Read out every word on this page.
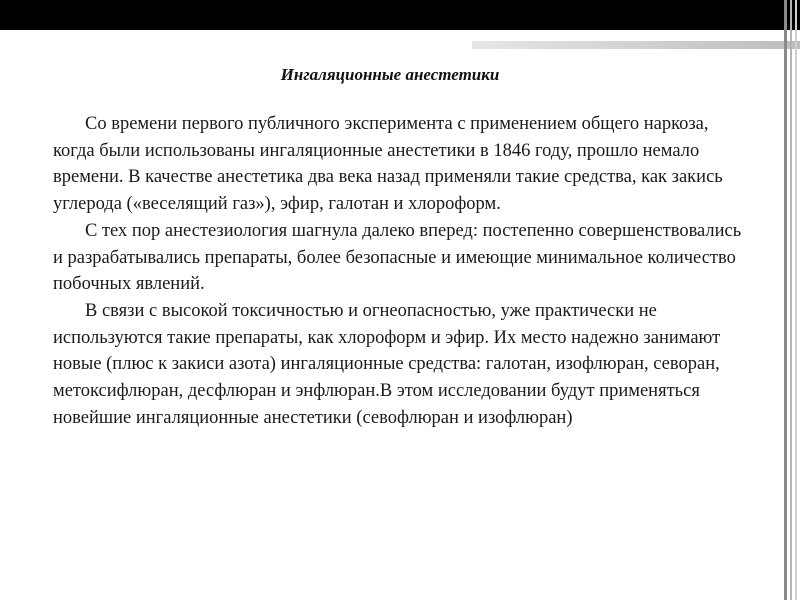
Ингаляционные анестетики

Со времени первого публичного эксперимента с применением общего наркоза, когда были использованы ингаляционные анестетики в 1846 году, прошло немало времени. В качестве анестетика два века назад применяли такие средства, как закись углерода («веселящий газ»), эфир, галотан и хлороформ.

С тех пор анестезиология шагнула далеко вперед: постепенно совершенствовались и разрабатывались препараты, более безопасные и имеющие минимальное количество побочных явлений.

В связи с высокой токсичностью и огнеопасностью, уже практически не используются такие препараты, как хлороформ и эфир. Их место надежно занимают новые (плюс к закиси азота) ингаляционные средства: галотан, изофлюран, севоран, метоксифлюран, десфлюран и энфлюран.В этом исследовании будут применяться новейшие ингаляционные анестетики (севофлюран и изофлюран)
